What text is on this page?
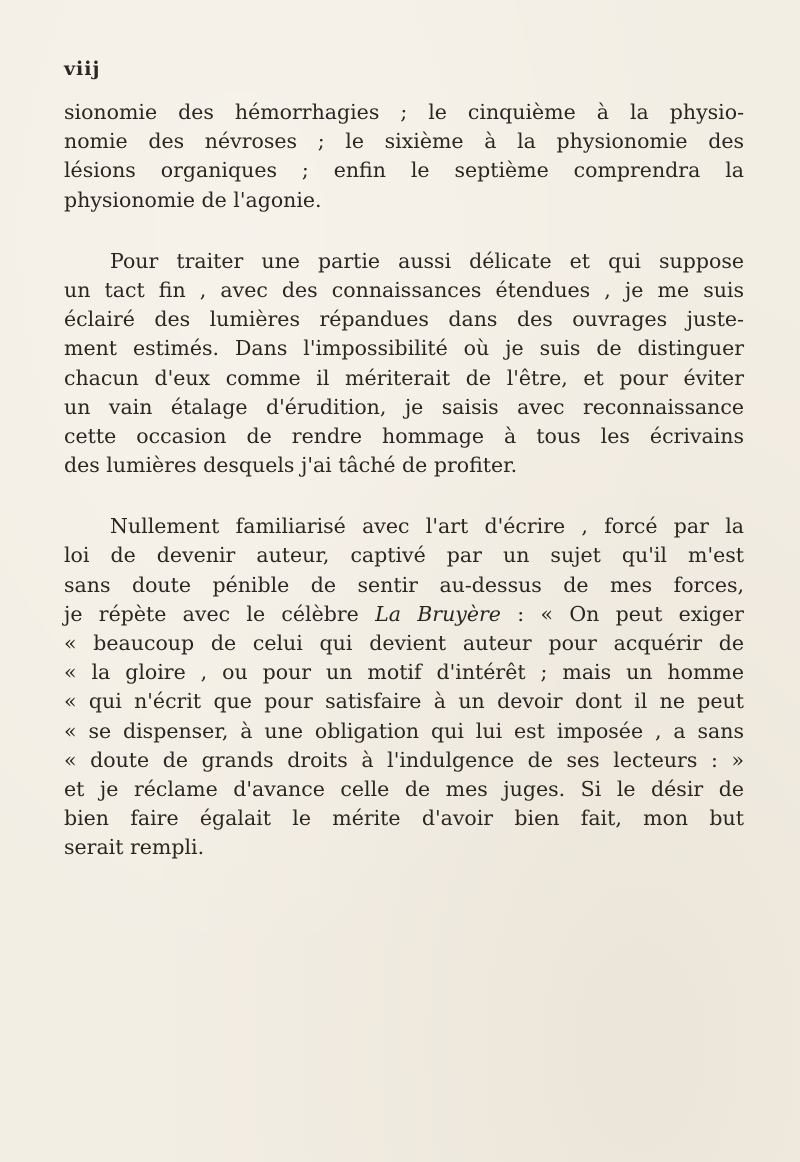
viij
sionomie des hémorrhagies ; le cinquième à la physio-
nomie des névroses ; le sixième à la physionomie des
lésions organiques ; enfin le septième comprendra la
physionomie de l'agonie.
Pour traiter une partie aussi délicate et qui suppose
un tact fin , avec des connaissances étendues , je me suis
éclairé des lumières répandues dans des ouvrages juste-
ment estimés. Dans l'impossibilité où je suis de distinguer
chacun d'eux comme il mériterait de l'être, et pour éviter
un vain étalage d'érudition, je saisis avec reconnaissance
cette occasion de rendre hommage à tous les écrivains
des lumières desquels j'ai tâché de profiter.
Nullement familiarisé avec l'art d'écrire , forcé par la
loi de devenir auteur, captivé par un sujet qu'il m'est
sans doute pénible de sentir au-dessus de mes forces,
je répète avec le célèbre La Bruyère : « On peut exiger
« beaucoup de celui qui devient auteur pour acquérir de
« la gloire , ou pour un motif d'intérêt ; mais un homme
« qui n'écrit que pour satisfaire à un devoir dont il ne peut
« se dispenser, à une obligation qui lui est imposée , a sans
« doute de grands droits à l'indulgence de ses lecteurs : »
et je réclame d'avance celle de mes juges. Si le désir de
bien faire égalait le mérite d'avoir bien fait, mon but
serait rempli.
